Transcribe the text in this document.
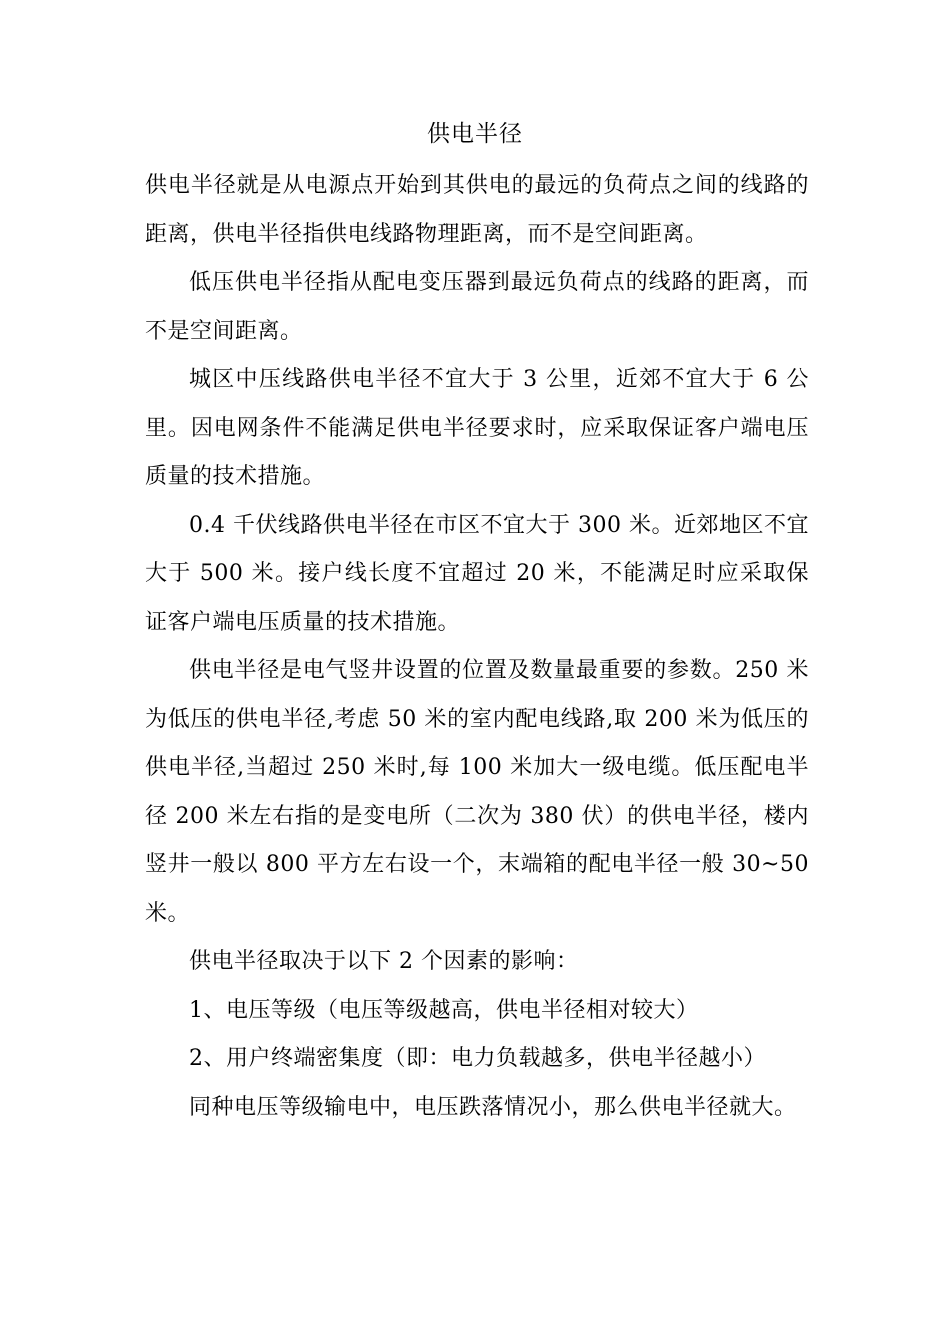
供电半径

供电半径就是从电源点开始到其供电的最远的负荷点之间的线路的距离，供电半径指供电线路物理距离，而不是空间距离。

低压供电半径指从配电变压器到最远负荷点的线路的距离，而不是空间距离。

城区中压线路供电半径不宜大于 3 公里，近郊不宜大于 6 公里。因电网条件不能满足供电半径要求时，应采取保证客户端电压质量的技术措施。

0.4 千伏线路供电半径在市区不宜大于 300 米。近郊地区不宜大于 500 米。接户线长度不宜超过 20 米，不能满足时应采取保证客户端电压质量的技术措施。

供电半径是电气竖井设置的位置及数量最重要的参数。250 米为低压的供电半径,考虑 50 米的室内配电线路,取 200 米为低压的供电半径,当超过 250 米时,每 100 米加大一级电缆。低压配电半径 200 米左右指的是变电所（二次为 380 伏）的供电半径，楼内竖井一般以 800 平方左右设一个，末端箱的配电半径一般 30~50 米。

供电半径取决于以下 2 个因素的影响：

1、电压等级（电压等级越高，供电半径相对较大）

2、用户终端密集度（即：电力负载越多，供电半径越小）

同种电压等级输电中，电压跌落情况小，那么供电半径就大。
